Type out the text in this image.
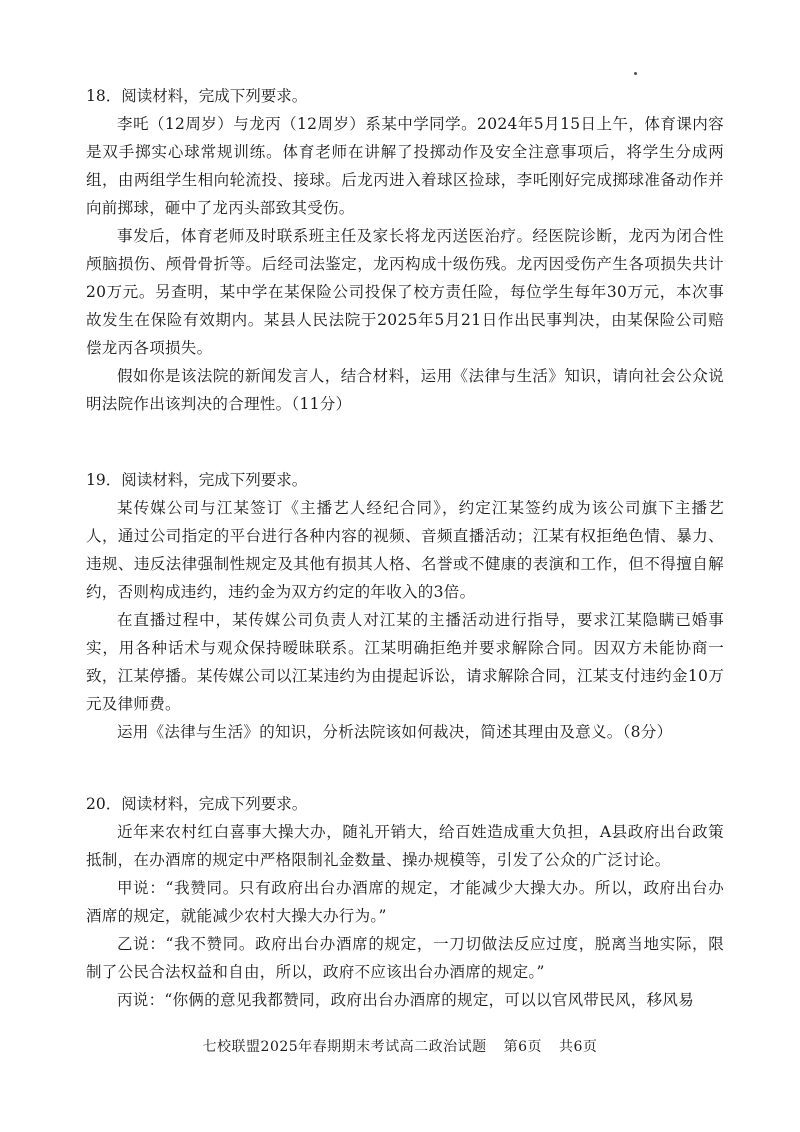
18．阅读材料，完成下列要求。

李吒（12周岁）与龙丙（12周岁）系某中学同学。2024年5月15日上午，体育课内容是双手掷实心球常规训练。体育老师在讲解了投掷动作及安全注意事项后，将学生分成两组，由两组学生相向轮流投、接球。后龙丙进入着球区捡球，李吒刚好完成掷球准备动作并向前掷球，砸中了龙丙头部致其受伤。

事发后，体育老师及时联系班主任及家长将龙丙送医治疗。经医院诊断，龙丙为闭合性颅脑损伤、颅骨骨折等。后经司法鉴定，龙丙构成十级伤残。龙丙因受伤产生各项损失共计20万元。另查明，某中学在某保险公司投保了校方责任险，每位学生每年30万元，本次事故发生在保险有效期内。某县人民法院于2025年5月21日作出民事判决，由某保险公司赔偿龙丙各项损失。

假如你是该法院的新闻发言人，结合材料，运用《法律与生活》知识，请向社会公众说明法院作出该判决的合理性。（11分）

19．阅读材料，完成下列要求。

某传媒公司与江某签订《主播艺人经纪合同》，约定江某签约成为该公司旗下主播艺人，通过公司指定的平台进行各种内容的视频、音频直播活动；江某有权拒绝色情、暴力、违规、违反法律强制性规定及其他有损其人格、名誉或不健康的表演和工作，但不得擅自解约，否则构成违约，违约金为双方约定的年收入的3倍。

在直播过程中，某传媒公司负责人对江某的主播活动进行指导，要求江某隐瞒已婚事实，用各种话术与观众保持暧昧联系。江某明确拒绝并要求解除合同。因双方未能协商一致，江某停播。某传媒公司以江某违约为由提起诉讼，请求解除合同，江某支付违约金10万元及律师费。

运用《法律与生活》的知识，分析法院该如何裁决，简述其理由及意义。（8分）

20．阅读材料，完成下列要求。

近年来农村红白喜事大操大办，随礼开销大，给百姓造成重大负担，A县政府出台政策抵制，在办酒席的规定中严格限制礼金数量、操办规模等，引发了公众的广泛讨论。

甲说：“我赞同。只有政府出台办酒席的规定，才能减少大操大办。所以，政府出台办酒席的规定，就能减少农村大操大办行为。”

乙说：“我不赞同。政府出台办酒席的规定，一刀切做法反应过度，脱离当地实际，限制了公民合法权益和自由，所以，政府不应该出台办酒席的规定。”

丙说：“你俩的意见我都赞同，政府出台办酒席的规定，可以以官风带民风，移风易

七校联盟2025年春期期末考试高二政治试题 第6页 共6页
